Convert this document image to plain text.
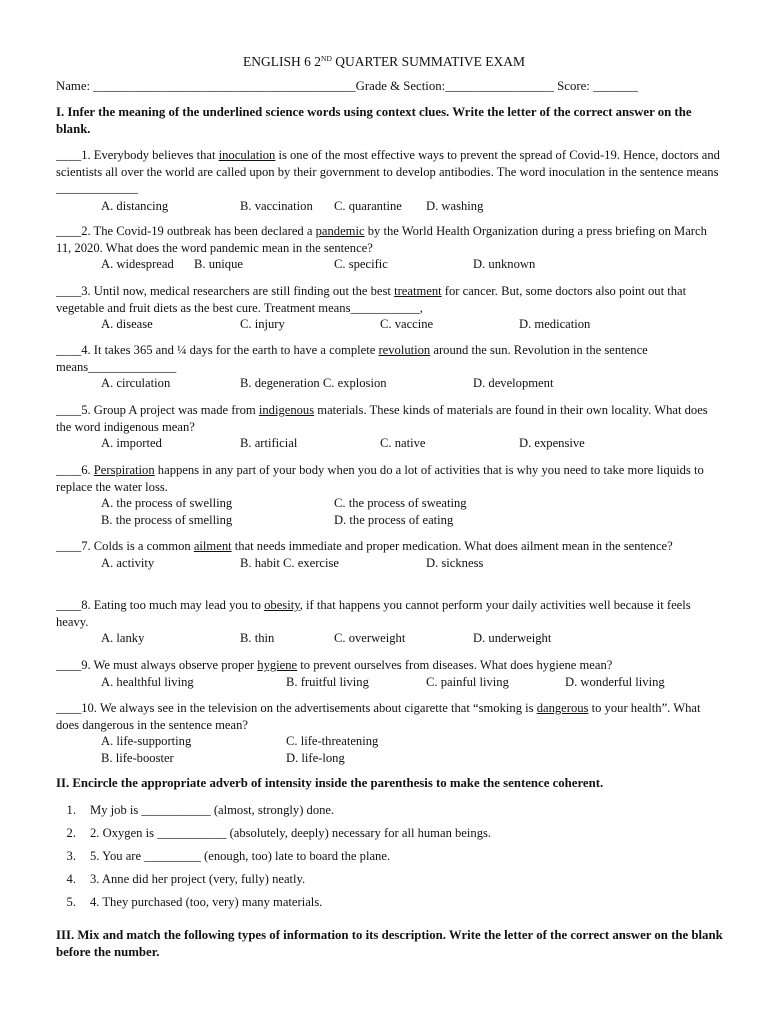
ENGLISH 6 2ND QUARTER SUMMATIVE EXAM
Name: _________________________________________Grade & Section:_________________ Score: _______
I. Infer the meaning of the underlined science words using context clues. Write the letter of the correct answer on the blank.

____1. Everybody believes that inoculation is one of the most effective ways to prevent the spread of Covid-19. Hence, doctors and scientists all over the world are called upon by their government to develop antibodies. The word inoculation in the sentence means _____________

A. distancing	B. vaccination C. quarantine D. washing

____2. The Covid-19 outbreak has been declared a pandemic by the World Health Organization during a press briefing on March 11, 2020. What does the word pandemic mean in the sentence?

A. widespread B. unique	C. specific	D. unknown

____3. Until now, medical researchers are still finding out the best treatment for cancer. But, some doctors also point out that vegetable and fruit diets as the best cure. Treatment means___________,

A. disease	C. injury	C. vaccine	D. medication

____4. It takes 365 and ¼ days for the earth to have a complete revolution around the sun. Revolution in the sentence means______________

A. circulation	B. degeneration C. explosion	D. development

____5. Group A project was made from indigenous materials. These kinds of materials are found in their own locality. What does the word indigenous mean?

A. imported	B. artificial	C. native	D. expensive

____6. Perspiration happens in any part of your body when you do a lot of activities that is why you need to take more liquids to replace the water loss.

A. the process of swelling	C. the process of sweating
B. the process of smelling	D. the process of eating

____7. Colds is a common ailment that needs immediate and proper medication. What does ailment mean in the sentence?

A. activity	B. habit C. exercise	D. sickness

____8. Eating too much may lead you to obesity, if that happens you cannot perform your daily activities well because it feels heavy.

A. lanky	B. thin	C. overweight	D. underweight

____9. We must always observe proper hygiene to prevent ourselves from diseases. What does hygiene mean?

A. healthful living	B. fruitful living	C. painful living	D. wonderful living

____10. We always see in the television on the advertisements about cigarette that “smoking is dangerous to your health”. What does dangerous in the sentence mean?

A. life-supporting	C. life-threatening
B. life-booster	D. life-long
II. Encircle the appropriate adverb of intensity inside the parenthesis to make the sentence coherent.
1. My job is ___________ (almost, strongly) done.
2. 2. Oxygen is ___________ (absolutely, deeply) necessary for all human beings.
3. 5. You are _________ (enough, too) late to board the plane.
4. 3. Anne did her project (very, fully) neatly.
5. 4. They purchased (too, very) many materials.
III. Mix and match the following types of information to its description. Write the letter of the correct answer on the blank before the number.
